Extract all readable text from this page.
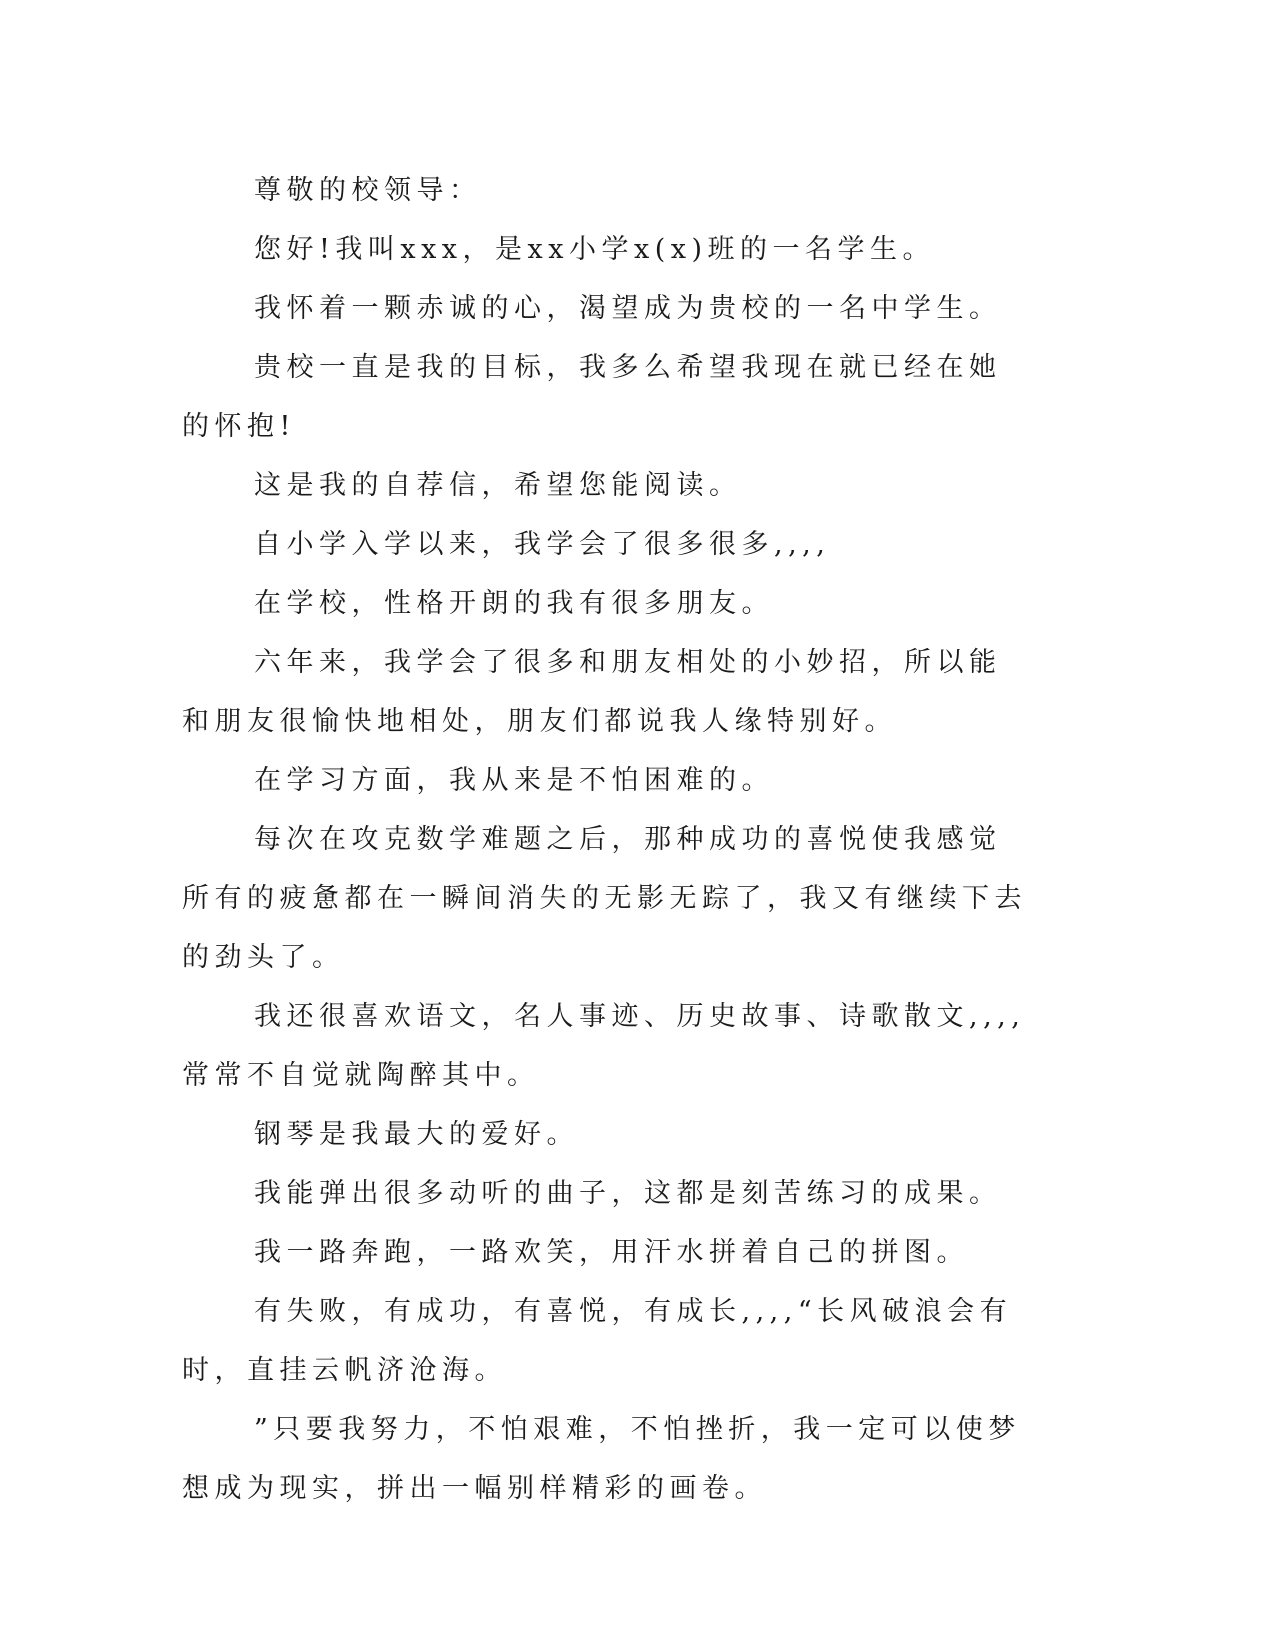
尊敬的校领导：

您好!我叫xxx，是xx小学x(x)班的一名学生。

我怀着一颗赤诚的心，渴望成为贵校的一名中学生。

贵校一直是我的目标，我多么希望我现在就已经在她的怀抱!

这是我的自荐信，希望您能阅读。

自小学入学以来，我学会了很多很多,,,,

在学校，性格开朗的我有很多朋友。

六年来，我学会了很多和朋友相处的小妙招，所以能和朋友很愉快地相处，朋友们都说我人缘特别好。

在学习方面，我从来是不怕困难的。

每次在攻克数学难题之后，那种成功的喜悦使我感觉所有的疲惫都在一瞬间消失的无影无踪了，我又有继续下去的劲头了。

我还很喜欢语文，名人事迹、历史故事、诗歌散文,,,,常常不自觉就陶醉其中。

钢琴是我最大的爱好。

我能弹出很多动听的曲子，这都是刻苦练习的成果。

我一路奔跑，一路欢笑，用汗水拼着自己的拼图。

有失败，有成功，有喜悦，有成长,,,,“长风破浪会有时，直挂云帆济沧海。

”只要我努力，不怕艰难，不怕挫折，我一定可以使梦想成为现实，拼出一幅别样精彩的画卷。
